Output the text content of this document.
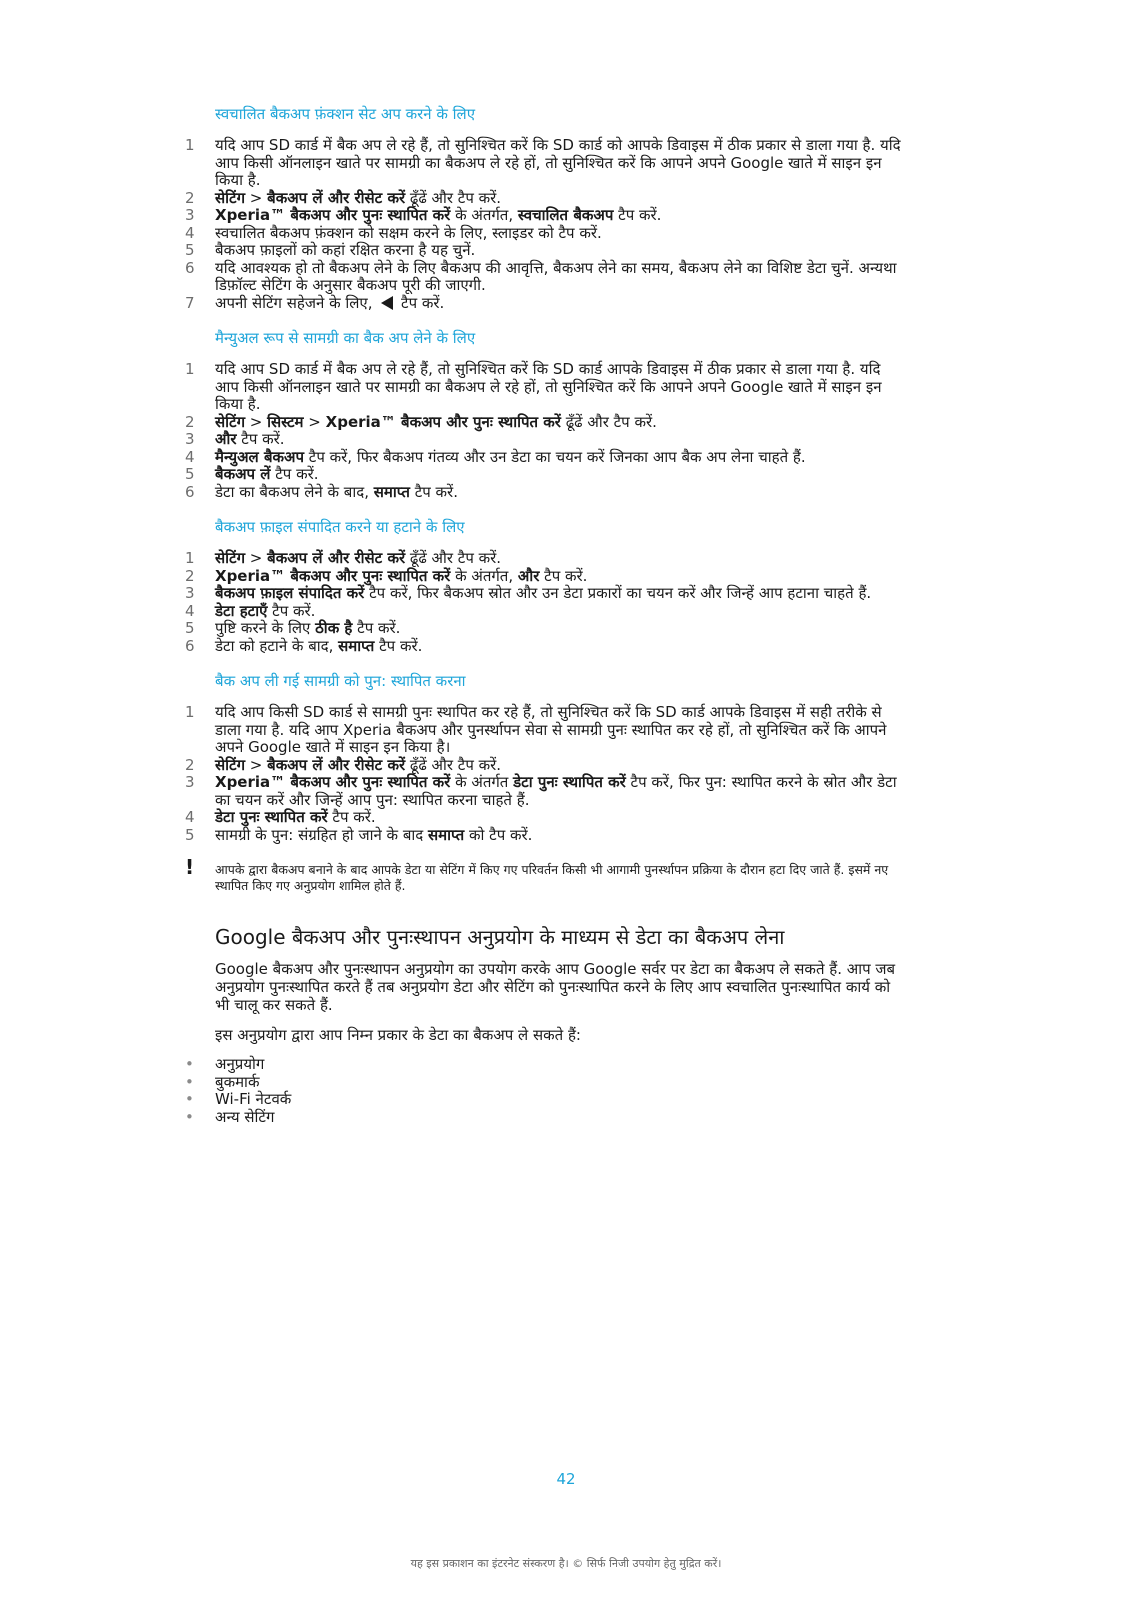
स्वचालित बैकअप फ़ंक्शन सेट अप करने के लिए
1	यदि आप SD कार्ड में बैक अप ले रहे हैं, तो सुनिश्चित करें कि SD कार्ड को आपके डिवाइस में ठीक प्रकार से डाला गया है. यदि आप किसी ऑनलाइन खाते पर सामग्री का बैकअप ले रहे हों, तो सुनिश्चित करें कि आपने अपने Google खाते में साइन इन किया है.
2	सेटिंग > बैकअप लें और रीसेट करें ढूँढें और टैप करें.
3	Xperia™ बैकअप और पुनः स्थापित करें के अंतर्गत, स्वचालित बैकअप टैप करें.
4	स्वचालित बैकअप फ़ंक्शन को सक्षम करने के लिए, स्लाइडर को टैप करें.
5	बैकअप फ़ाइलों को कहां रक्षित करना है यह चुनें.
6	यदि आवश्यक हो तो बैकअप लेने के लिए बैकअप की आवृत्ति, बैकअप लेने का समय, बैकअप लेने का विशिष्ट डेटा चुनें. अन्यथा डिफ़ॉल्ट सेटिंग के अनुसार बैकअप पूरी की जाएगी.
7	अपनी सेटिंग सहेजने के लिए,  टैप करें.
मैन्युअल रूप से सामग्री का बैक अप लेने के लिए
1	यदि आप SD कार्ड में बैक अप ले रहे हैं, तो सुनिश्चित करें कि SD कार्ड आपके डिवाइस में ठीक प्रकार से डाला गया है. यदि आप किसी ऑनलाइन खाते पर सामग्री का बैकअप ले रहे हों, तो सुनिश्चित करें कि आपने अपने Google खाते में साइन इन किया है.
2	सेटिंग > सिस्टम > Xperia™ बैकअप और पुनः स्थापित करें ढूँढें और टैप करें.
3	और टैप करें.
4	मैन्युअल बैकअप टैप करें, फिर बैकअप गंतव्य और उन डेटा का चयन करें जिनका आप बैक अप लेना चाहते हैं.
5	बैकअप लें टैप करें.
6	डेटा का बैकअप लेने के बाद, समाप्त टैप करें.
बैकअप फ़ाइल संपादित करने या हटाने के लिए
1	सेटिंग > बैकअप लें और रीसेट करें ढूँढें और टैप करें.
2	Xperia™ बैकअप और पुनः स्थापित करें के अंतर्गत, और टैप करें.
3	बैकअप फ़ाइल संपादित करें टैप करें, फिर बैकअप स्रोत और उन डेटा प्रकारों का चयन करें और जिन्हें आप हटाना चाहते हैं.
4	डेटा हटाएँ टैप करें.
5	पुष्टि करने के लिए ठीक है टैप करें.
6	डेटा को हटाने के बाद, समाप्त टैप करें.
बैक अप ली गई सामग्री को पुन: स्थापित करना
1	यदि आप किसी SD कार्ड से सामग्री पुनः स्थापित कर रहे हैं, तो सुनिश्चित करें कि SD कार्ड आपके डिवाइस में सही तरीके से डाला गया है. यदि आप Xperia बैकअप और पुनर्स्थापन सेवा से सामग्री पुनः स्थापित कर रहे हों, तो सुनिश्चित करें कि आपने अपने Google खाते में साइन इन किया है।
2	सेटिंग > बैकअप लें और रीसेट करें ढूँढें और टैप करें.
3	Xperia™ बैकअप और पुनः स्थापित करें के अंतर्गत डेटा पुनः स्थापित करें टैप करें, फिर पुन: स्थापित करने के स्रोत और डेटा का चयन करें और जिन्हें आप पुन: स्थापित करना चाहते हैं.
4	डेटा पुनः स्थापित करें टैप करें.
5	सामग्री के पुन: संग्रहित हो जाने के बाद समाप्त को टैप करें.
!	आपके द्वारा बैकअप बनाने के बाद आपके डेटा या सेटिंग में किए गए परिवर्तन किसी भी आगामी पुनर्स्थापन प्रक्रिया के दौरान हटा दिए जाते हैं. इसमें नए स्थापित किए गए अनुप्रयोग शामिल होते हैं.
Google बैकअप और पुनःस्थापन अनुप्रयोग के माध्यम से डेटा का बैकअप लेना
Google बैकअप और पुनःस्थापन अनुप्रयोग का उपयोग करके आप Google सर्वर पर डेटा का बैकअप ले सकते हैं. आप जब अनुप्रयोग पुनःस्थापित करते हैं तब अनुप्रयोग डेटा और सेटिंग को पुनःस्थापित करने के लिए आप स्वचालित पुनःस्थापित कार्य को भी चालू कर सकते हैं.
इस अनुप्रयोग द्वारा आप निम्न प्रकार के डेटा का बैकअप ले सकते हैं:
• अनुप्रयोग
• बुकमार्क
• Wi-Fi नेटवर्क
• अन्य सेटिंग
42
यह इस प्रकाशन का इंटरनेट संस्करण है। © सिर्फ निजी उपयोग हेतु मुद्रित करें।
